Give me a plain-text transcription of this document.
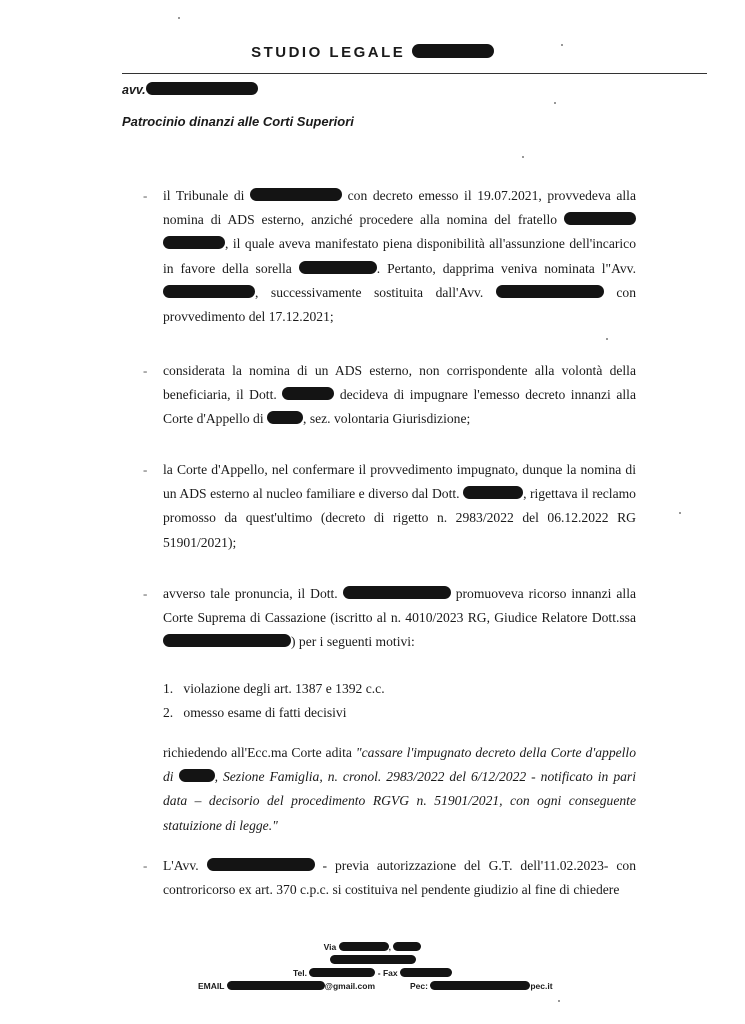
STUDIO LEGALE
avv.
Patrocinio dinanzi alle Corti Superiori
- il Tribunale di	con decreto emesso il 19.07.2021, provvedeva alla nomina di ADS esterno, anziché procedere alla nomina del fratello  , il quale aveva manifestato piena disponibilità all'assunzione dell'incarico in favore della sorella	. Pertanto, dapprima veniva nominata l"Avv. , successivamente sostituita dall'Avv.	con provvedimento del 17.12.2021;
- considerata la nomina di un ADS esterno, non corrispondente alla volontà della beneficiaria, il Dott.	decideva di impugnare l'emesso decreto innanzi alla Corte d'Appello di	, sez. volontaria Giurisdizione;
- la Corte d'Appello, nel confermare il provvedimento impugnato, dunque la nomina di un ADS esterno al nucleo familiare e diverso dal Dott.	, rigettava il reclamo promosso da quest'ultimo (decreto di rigetto n. 2983/2022 del 06.12.2022 RG 51901/2021);
- avverso tale pronuncia, il Dott.	promuoveva ricorso innanzi alla Corte Suprema di Cassazione (iscritto al n. 4010/2023 RG, Giudice Relatore Dott.ssa ) per i seguenti motivi:
1. violazione degli art. 1387 e 1392 c.c.
2. omesso esame di fatti decisivi
richiedendo all'Ecc.ma Corte adita "cassare l'impugnato decreto della Corte d'appello di	, Sezione Famiglia, n. cronol. 2983/2022 del 6/12/2022 - notificato in pari data – decisorio del procedimento RGVG n. 51901/2021, con ogni conseguente statuizione di legge."
- L'Avv.	- previa autorizzazione del G.T. dell'11.02.2023- con controricorso ex art. 370 c.p.c. si costituiva nel pendente giudizio al fine di chiedere
Via	,
Tel.	- Fax
EMAIL	@gmail.com	Pec:	pec.it
